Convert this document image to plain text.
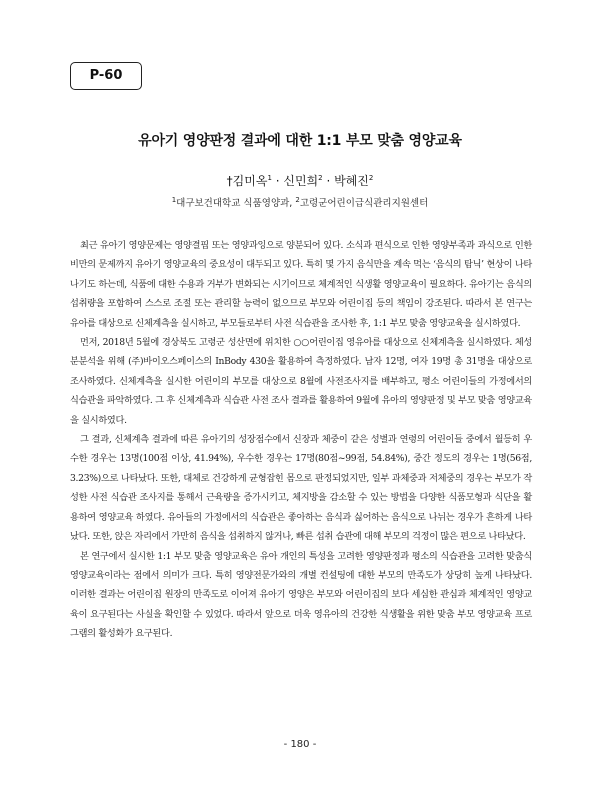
P-60
유아기 영양판정 결과에 대한 1:1 부모 맞춤 영양교육
†김미옥$^1$ · 신민희$^2$ · 박혜진$^2$
$^1$대구보건대학교 식품영양과, $^2$고령군어린이급식관리지원센터

최근 유아기 영양문제는 영양결핍 또는 영양과잉으로 양분되어 있다. 소식과 편식으로 인한 영양부족과 과식으로 인한 비만의 문제까지 유아기 영양교육의 중요성이 대두되고 있다. 특히 몇 가지 음식만을 계속 먹는 ‘음식의 탐닉’ 현상이 나타나기도 하는데, 식품에 대한 수용과 거부가 변화되는 시기이므로 체계적인 식생활 영양교육이 필요하다. 유아기는 음식의 섭취량을 포함하여 스스로 조절 또는 관리할 능력이 없으므로 부모와 어린이집 등의 책임이 강조된다. 따라서 본 연구는 유아를 대상으로 신체계측을 실시하고, 부모들로부터 사전 식습관을 조사한 후, 1:1 부모 맞춤 영양교육을 실시하였다.

먼저, 2018년 5월에 경상북도 고령군 성산면에 위치한 ○○어린이집 영유아를 대상으로 신체계측을 실시하였다. 체성분분석을 위해 (주)바이오스페이스의 InBody 430을 활용하여 측정하였다. 남자 12명, 여자 19명 총 31명을 대상으로 조사하였다. 신체계측을 실시한 어린이의 부모를 대상으로 8월에 사전조사지를 배부하고, 평소 어린이들의 가정에서의 식습관을 파악하였다. 그 후 신체계측과 식습관 사전 조사 결과를 활용하여 9월에 유아의 영양판정 및 부모 맞춤 영양교육을 실시하였다.

그 결과, 신체계측 결과에 따른 유아기의 성장점수에서 신장과 체중이 같은 성별과 연령의 어린이들 중에서 월등히 우수한 경우는 13명(100점 이상, 41.94%), 우수한 경우는 17명(80점~99점, 54.84%), 중간 정도의 경우는 1명(56점, 3.23%)으로 나타났다. 또한, 대체로 건강하게 균형잡힌 몸으로 판정되었지만, 일부 과체중과 저체중의 경우는 부모가 작성한 사전 식습관 조사지를 통해서 근육량을 증가시키고, 체지방을 감소할 수 있는 방법을 다양한 식품모형과 식단을 활용하여 영양교육 하였다. 유아들의 가정에서의 식습관은 좋아하는 음식과 싫어하는 음식으로 나뉘는 경우가 흔하게 나타났다. 또한, 앉은 자리에서 가만히 음식을 섭취하지 않거나, 빠른 섭취 습관에 대해 부모의 걱정이 많은 편으로 나타났다.

본 연구에서 실시한 1:1 부모 맞춤 영양교육은 유아 개인의 특성을 고려한 영양판정과 평소의 식습관을 고려한 맞춤식 영양교육이라는 점에서 의미가 크다. 특히 영양전문가와의 개별 컨설팅에 대한 부모의 만족도가 상당히 높게 나타났다. 이러한 결과는 어린이집 원장의 만족도로 이어져 유아기 영양은 부모와 어린이집의 보다 세심한 관심과 체계적인 영양교육이 요구된다는 사실을 확인할 수 있었다. 따라서 앞으로 더욱 영유아의 건강한 식생활을 위한 맞춤 부모 영양교육 프로그램의 활성화가 요구된다.

- 180 -
